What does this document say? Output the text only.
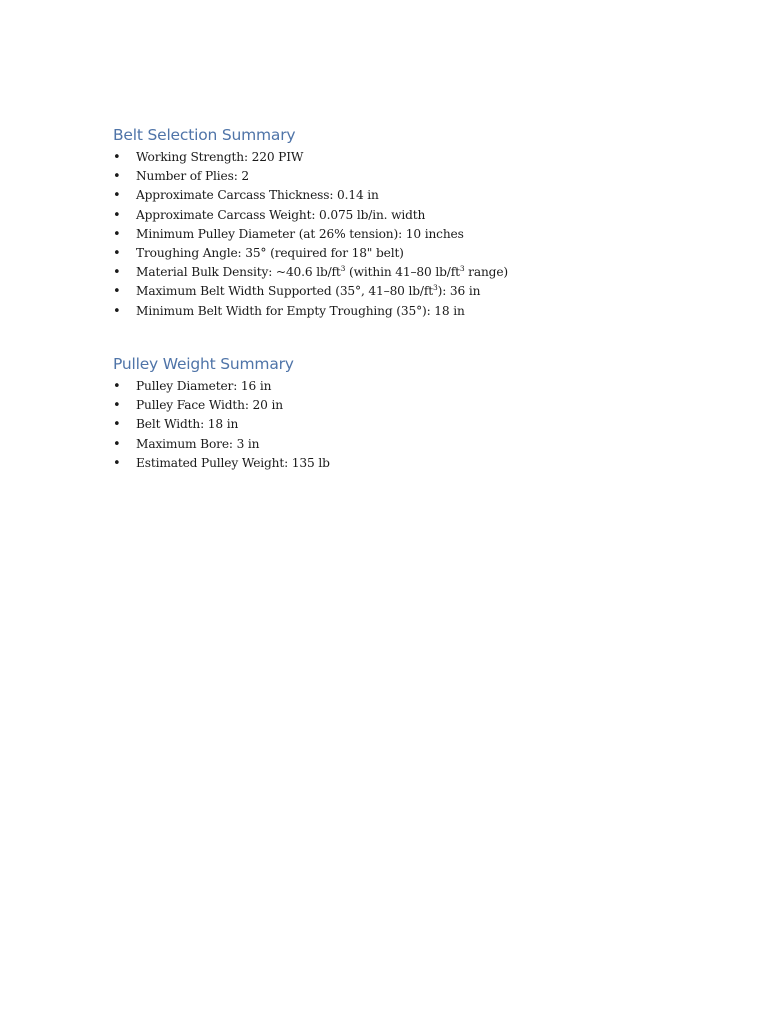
Belt Selection Summary
• Working Strength: 220 PIW
• Number of Plies: 2
• Approximate Carcass Thickness: 0.14 in
• Approximate Carcass Weight: 0.075 lb/in. width
• Minimum Pulley Diameter (at 26% tension): 10 inches
• Troughing Angle: 35° (required for 18" belt)
• Material Bulk Density: ~40.6 $lb/ft^3$ (within 41–80 $lb/ft^3$ range)
• Maximum Belt Width Supported (35°, 41–80 $lb/ft^3$): 36 in
• Minimum Belt Width for Empty Troughing (35°): 18 in
Pulley Weight Summary
• Pulley Diameter: 16 in
• Pulley Face Width: 20 in
• Belt Width: 18 in
• Maximum Bore: 3 in
• Estimated Pulley Weight: 135 lb
